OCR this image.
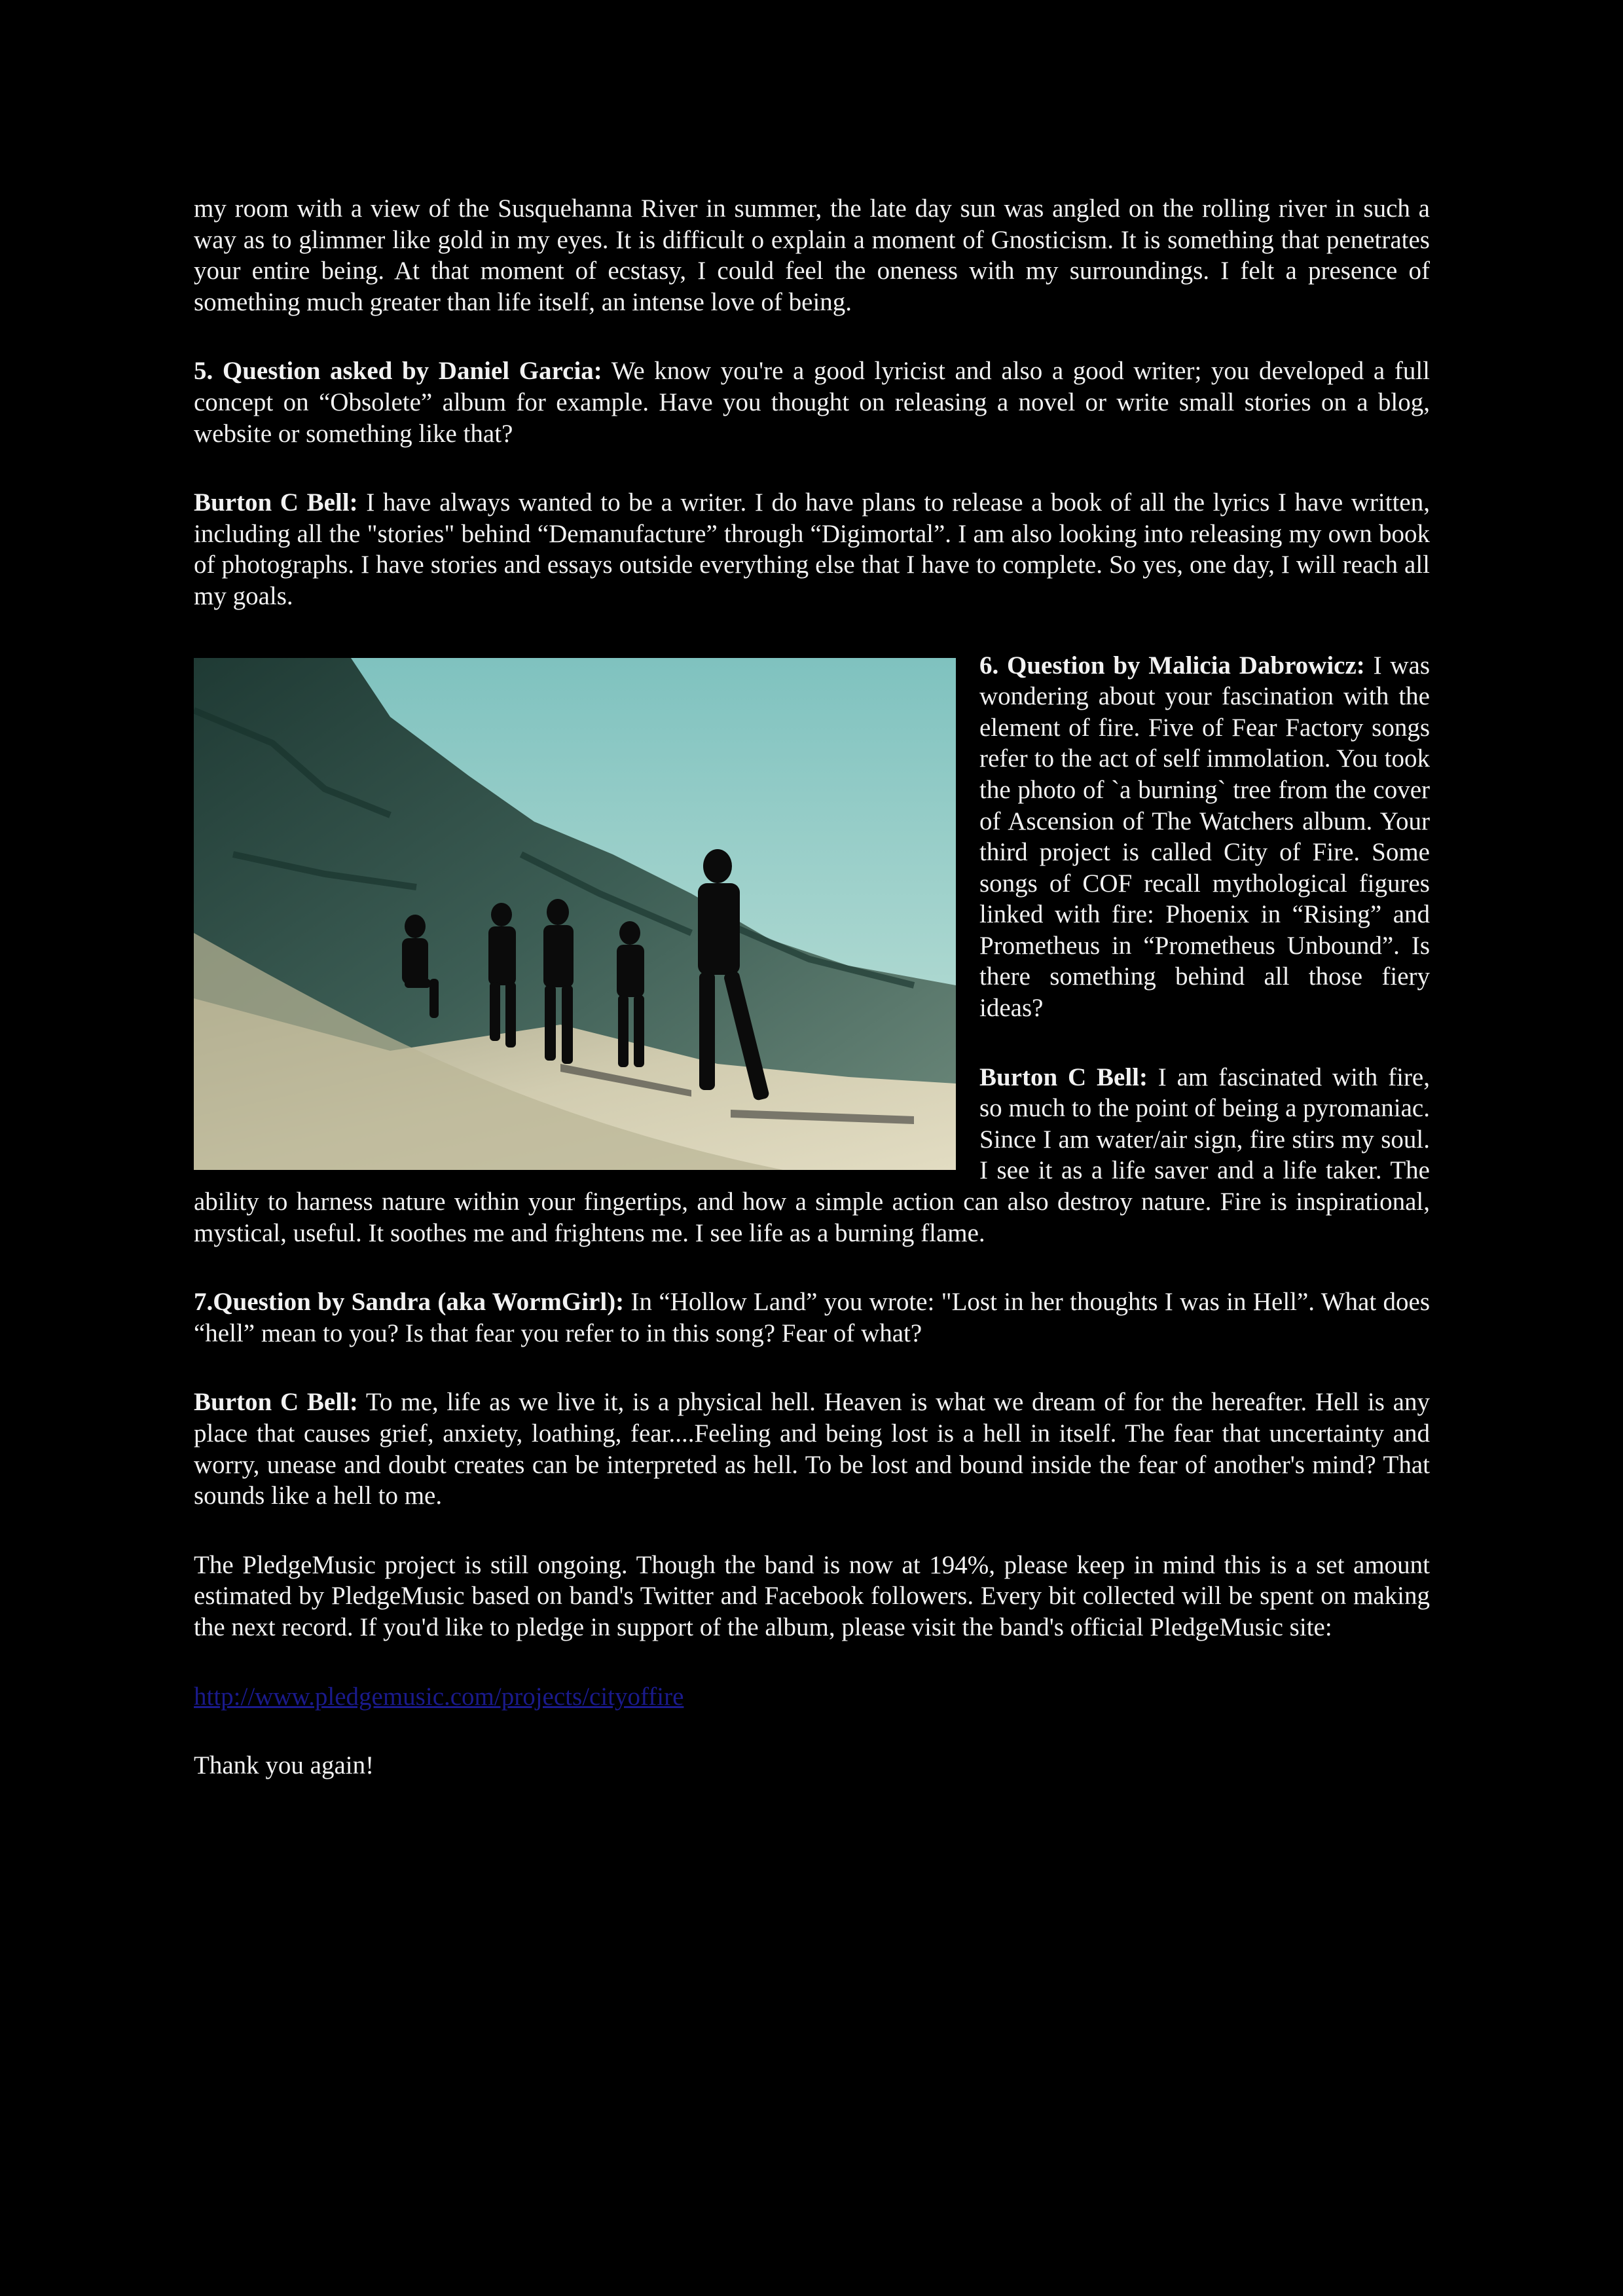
my room with a view of the Susquehanna River in summer, the late day sun was angled on the rolling river in such a way as to glimmer like gold in my eyes. It is difficult o explain a moment of Gnosticism. It is something that penetrates your entire being. At that moment of ecstasy, I could feel the oneness with my surroundings. I felt a presence of something much greater than life itself, an intense love of being.

5. Question asked by Daniel Garcia: We know you're a good lyricist and also a good writer; you developed a full concept on “Obsolete” album for example. Have you thought on releasing a novel or write small stories on a blog, website or something like that?

Burton C Bell: I have always wanted to be a writer. I do have plans to release a book of all the lyrics I have written, including all the "stories" behind “Demanufacture” through “Digimortal”. I am also looking into releasing my own book of photographs. I have stories and essays outside everything else that I have to complete. So yes, one day, I will reach all my goals.

6. Question by Malicia Dabrowicz: I was wondering about your fascination with the element of fire. Five of Fear Factory songs refer to the act of self immolation. You took the photo of `a burning` tree from the cover of Ascension of The Watchers album. Your third project is called City of Fire. Some songs of COF recall mythological figures linked with fire: Phoenix in “Rising” and Prometheus in “Prometheus Unbound”. Is there something behind all those fiery ideas?

Burton C Bell: I am fascinated with fire, so much to the point of being a pyromaniac. Since I am water/air sign, fire stirs my soul. I see it as a life saver and a life taker. The ability to harness nature within your fingertips, and how a simple action can also destroy nature. Fire is inspirational, mystical, useful. It soothes me and frightens me. I see life as a burning flame.

7.Question by Sandra (aka WormGirl): In “Hollow Land” you wrote: "Lost in her thoughts I was in Hell”. What does “hell” mean to you? Is that fear you refer to in this song? Fear of what?

Burton C Bell: To me, life as we live it, is a physical hell. Heaven is what we dream of for the hereafter. Hell is any place that causes grief, anxiety, loathing, fear....Feeling and being lost is a hell in itself. The fear that uncertainty and worry, unease and doubt creates can be interpreted as hell. To be lost and bound inside the fear of another's mind? That sounds like a hell to me.

The PledgeMusic project is still ongoing. Though the band is now at 194%, please keep in mind this is a set amount estimated by PledgeMusic based on band's Twitter and Facebook followers. Every bit collected will be spent on making the next record. If you'd like to pledge in support of the album, please visit the band's official PledgeMusic site:

http://www.pledgemusic.com/projects/cityoffire

Thank you again!
